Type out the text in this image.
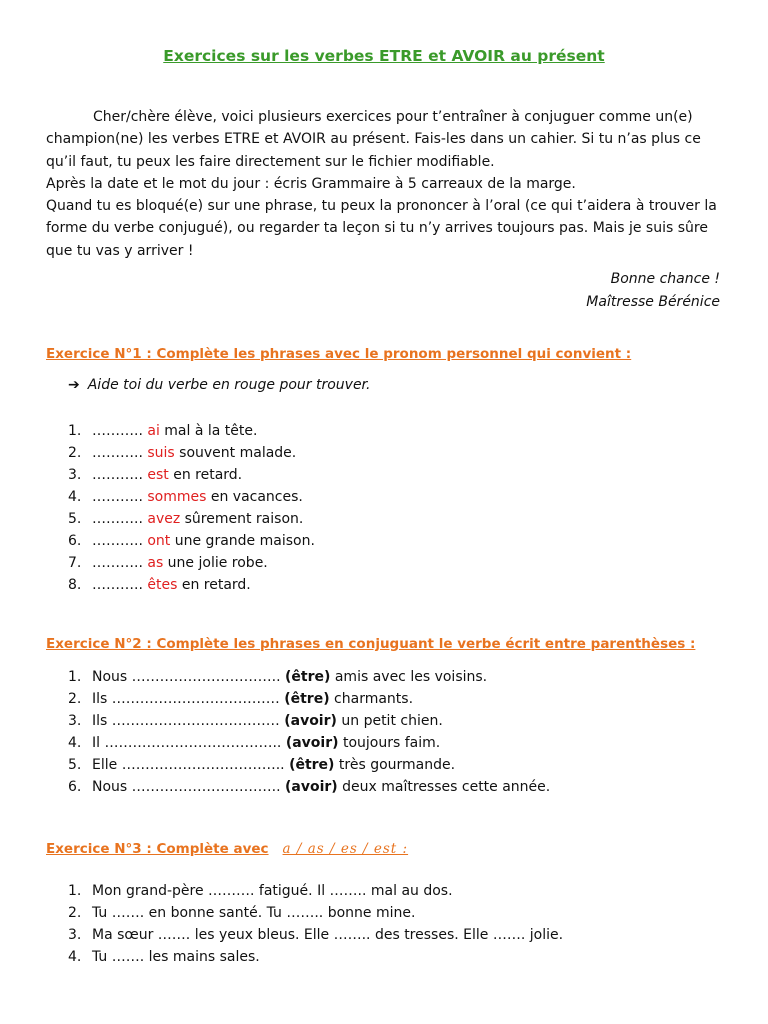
Exercices sur les verbes ETRE et AVOIR au présent

Cher/chère élève, voici plusieurs exercices pour t’entraîner à conjuguer comme un(e) champion(ne) les verbes ETRE et AVOIR au présent. Fais-les dans un cahier. Si tu n’as plus ce qu’il faut, tu peux les faire directement sur le fichier modifiable.

Après la date et le mot du jour : écris Grammaire à 5 carreaux de la marge.

Quand tu es bloqué(e) sur une phrase, tu peux la prononcer à l’oral (ce qui t’aidera à trouver la forme du verbe conjugué), ou regarder ta leçon si tu n’y arrives toujours pas. Mais je suis sûre que tu vas y arriver !

Bonne chance !
Maîtresse Bérénice
Exercice N°1 : Complète les phrases avec le pronom personnel qui convient :
➔ Aide toi du verbe en rouge pour trouver.
1. ……….. ai mal à la tête.
2. ……….. suis souvent malade.
3. ……….. est en retard.
4. ……….. sommes en vacances.
5. ……….. avez sûrement raison.
6. ……….. ont une grande maison.
7. ……….. as une jolie robe.
8. ……….. êtes en retard.
Exercice N°2 : Complète les phrases en conjuguant le verbe écrit entre parenthèses :
1. Nous ………………………….. (être) amis avec les voisins.
2. Ils ……………………………… (être) charmants.
3. Ils ……………………………… (avoir) un petit chien.
4. Il ……………………………….. (avoir) toujours faim.
5. Elle …………………………….. (être) très gourmande.
6. Nous ………………………….. (avoir) deux maîtresses cette année.
Exercice N°3 : Complète avec a / as / es / est :
1. Mon grand-père ………. fatigué. Il …….. mal au dos.
2. Tu ……. en bonne santé. Tu …….. bonne mine.
3. Ma sœur ……. les yeux bleus. Elle …….. des tresses. Elle ……. jolie.
4. Tu ……. les mains sales.
